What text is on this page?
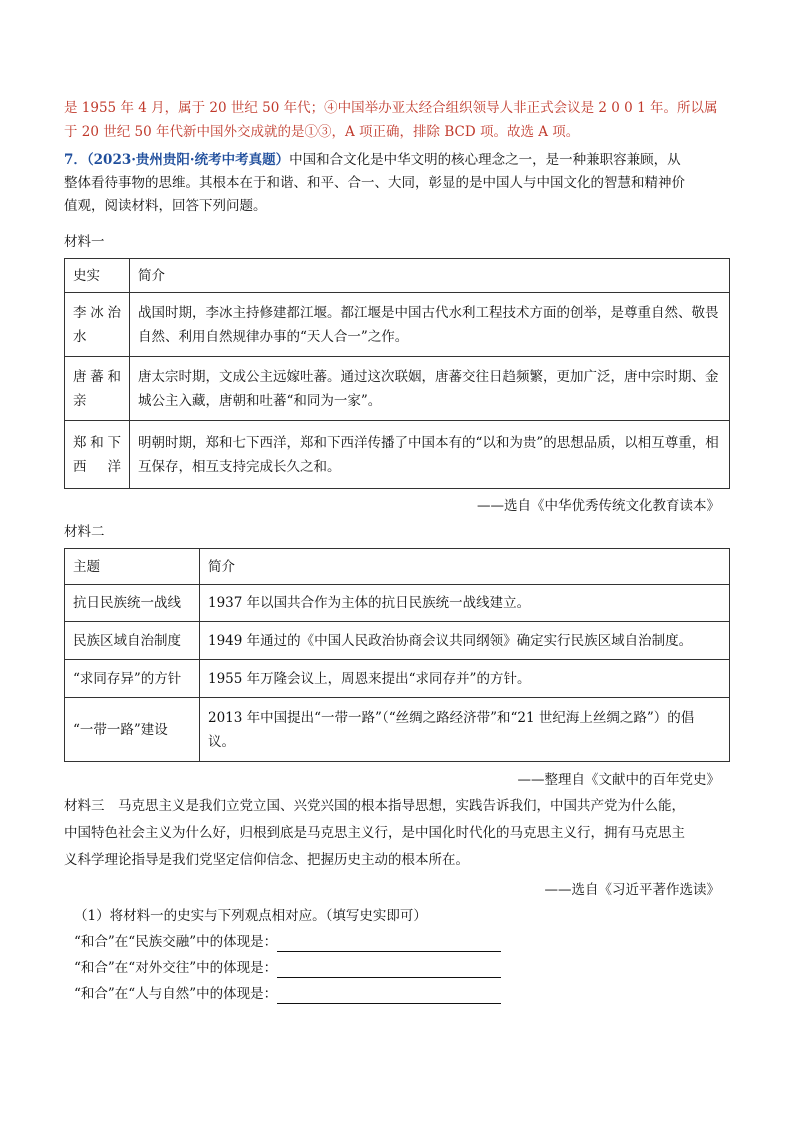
是 1955 年 4 月，属于 20 世纪 50 年代；④中国举办亚太经合组织领导人非正式会议是 2 0 0 1 年。所以属
于 20 世纪 50 年代新中国外交成就的是①③，A 项正确，排除 BCD 项。故选 A 项。
7．（2023·贵州贵阳·统考中考真题）中国和合文化是中华文明的核心理念之一，是一种兼职容兼顾，从
整体看待事物的思维。其根本在于和谐、和平、合一、大同，彰显的是中国人与中国文化的智慧和精神价
值观，阅读材料，回答下列问题。
材料一
史实	简介
李冰治水	战国时期，李冰主持修建都江堰。都江堰是中国古代水利工程技术方面的创举，是尊重自然、敬畏自然、利用自然规律办事的“天人合一”之作。
唐蕃和亲	唐太宗时期，文成公主远嫁吐蕃。通过这次联姻，唐蕃交往日趋频繁，更加广泛，唐中宗时期、金城公主入藏，唐朝和吐蕃“和同为一家”。
郑和下西洋	明朝时期，郑和七下西洋，郑和下西洋传播了中国本有的“以和为贵”的思想品质，以相互尊重，相互保存，相互支持完成长久之和。
——选自《中华优秀传统文化教育读本》
材料二
主题	简介
抗日民族统一战线	1937 年以国共合作为主体的抗日民族统一战线建立。
民族区域自治制度	1949 年通过的《中国人民政治协商会议共同纲领》确定实行民族区域自治制度。
“求同存异”的方针	1955 年万隆会议上，周恩来提出“求同存并”的方针。
“一带一路”建设	2013 年中国提出“一带一路”（“丝绸之路经济带”和“21 世纪海上丝绸之路”）的倡议。
——整理自《文献中的百年党史》
材料三　马克思主义是我们立党立国、兴党兴国的根本指导思想，实践告诉我们，中国共产党为什么能，
中国特色社会主义为什么好，归根到底是马克思主义行，是中国化时代化的马克思主义行，拥有马克思主
义科学理论指导是我们党坚定信仰信念、把握历史主动的根本所在。
——选自《习近平著作选读》
（1）将材料一的史实与下列观点相对应。（填写史实即可）
“和合”在“民族交融”中的体现是：
“和合”在“对外交往”中的体现是：
“和合”在“人与自然”中的体现是：
